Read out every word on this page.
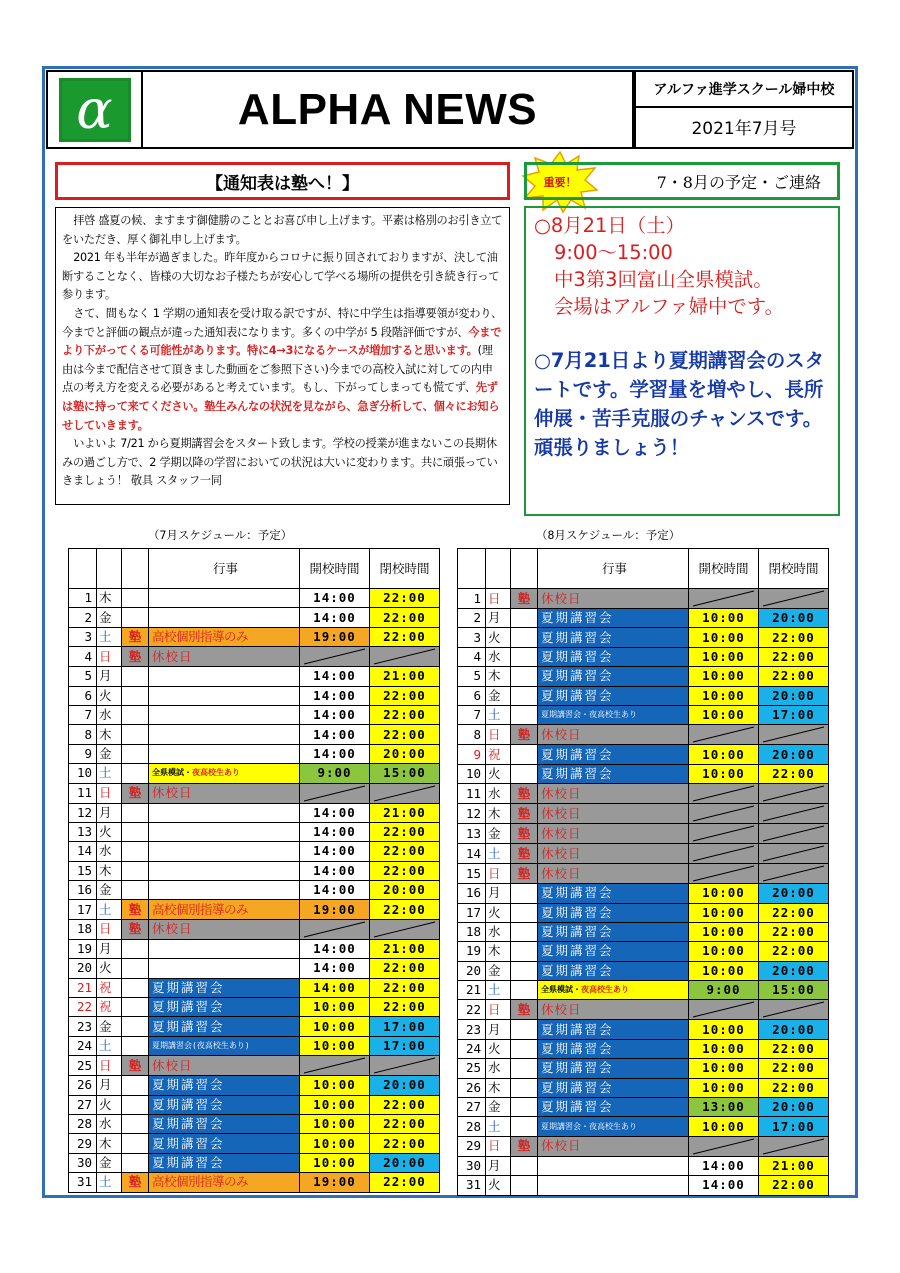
α	ALPHA NEWS	アルファ進学スクール婦中校
2021年7月号
【通知表は塾へ！】

拝啓 盛夏の候、ますます御健勝のこととお喜び申し上げます。平素は格別のお引き立てをいただき、厚く御礼申し上げます。

2021 年も半年が過ぎました。昨年度からコロナに振り回されておりますが、決して油断することなく、皆様の大切なお子様たちが安心して学べる場所の提供を引き続き行って参ります。

さて、間もなく 1 学期の通知表を受け取る訳ですが、特に中学生は指導要領が変わり、今までと評価の観点が違った通知表になります。多くの中学が 5 段階評価ですが、今までより下がってくる可能性があります。特に4→3になるケースが増加すると思います。(理由は今まで配信させて頂きました動画をご参照下さい)今までの高校入試に対しての内申点の考え方を変える必要があると考えています。もし、下がってしまっても慌てず、先ずは塾に持って来てください。塾生みんなの状況を見ながら、急ぎ分析して、個々にお知らせしていきます。

いよいよ 7/21 から夏期講習会をスタート致します。学校の授業が進まないこの長期休みの過ごし方で、2 学期以降の学習においての状況は大いに変わります。共に頑張っていきましょう！ 敬具 スタッフ一同

重要！	7・8月の予定・ご連絡
○8月21日（土）
9:00～15:00
中3第3回富山全県模試。
会場はアルファ婦中です。
○7月21日より夏期講習会のスタートです。学習量を増やし、長所伸展・苦手克服のチャンスです。頑張りましょう！
（7月スケジュール：予定）	（8月スケジュール：予定）
			行事	開校時間	閉校時間
1	木			14:00	22:00
2	金			14:00	22:00
3	土	塾	高校個別指導のみ	19:00	22:00
4	日	塾	休校日	

5	月			14:00	21:00
6	火			14:00	22:00
7	水			14:00	22:00
8	木			14:00	22:00
9	金			14:00	20:00
10	土		全県模試・夜高校生あり	9:00	15:00
11	日	塾	休校日	

12	月			14:00	21:00
13	火			14:00	22:00
14	水			14:00	22:00
15	木			14:00	22:00
16	金			14:00	20:00
17	土	塾	高校個別指導のみ	19:00	22:00
18	日	塾	休校日	

19	月			14:00	21:00
20	火			14:00	22:00
21	祝		夏期講習会	14:00	22:00
22	祝		夏期講習会	10:00	22:00
23	金		夏期講習会	10:00	17:00
24	土		夏期講習会(夜高校生あり)	10:00	17:00
25	日	塾	休校日	

26	月		夏期講習会	10:00	20:00
27	火		夏期講習会	10:00	22:00
28	水		夏期講習会	10:00	22:00
29	木		夏期講習会	10:00	22:00
30	金		夏期講習会	10:00	20:00
31	土	塾	高校個別指導のみ	19:00	22:00
			行事	開校時間	閉校時間
1	日	塾	休校日	

2	月		夏期講習会	10:00	20:00
3	火		夏期講習会	10:00	22:00
4	水		夏期講習会	10:00	22:00
5	木		夏期講習会	10:00	22:00
6	金		夏期講習会	10:00	20:00
7	土		夏期講習会・夜高校生あり	10:00	17:00
8	日	塾	休校日	

9	祝		夏期講習会	10:00	20:00
10	火		夏期講習会	10:00	22:00
11	水	塾	休校日	

12	木	塾	休校日	

13	金	塾	休校日	

14	土	塾	休校日	

15	日	塾	休校日	

16	月		夏期講習会	10:00	20:00
17	火		夏期講習会	10:00	22:00
18	水		夏期講習会	10:00	22:00
19	木		夏期講習会	10:00	22:00
20	金		夏期講習会	10:00	20:00
21	土		全県模試・夜高校生あり	9:00	15:00
22	日	塾	休校日	

23	月		夏期講習会	10:00	20:00
24	火		夏期講習会	10:00	22:00
25	水		夏期講習会	10:00	22:00
26	木		夏期講習会	10:00	22:00
27	金		夏期講習会	13:00	20:00
28	土		夏期講習会・夜高校生あり	10:00	17:00
29	日	塾	休校日	

30	月			14:00	21:00
31	火			14:00	22:00
